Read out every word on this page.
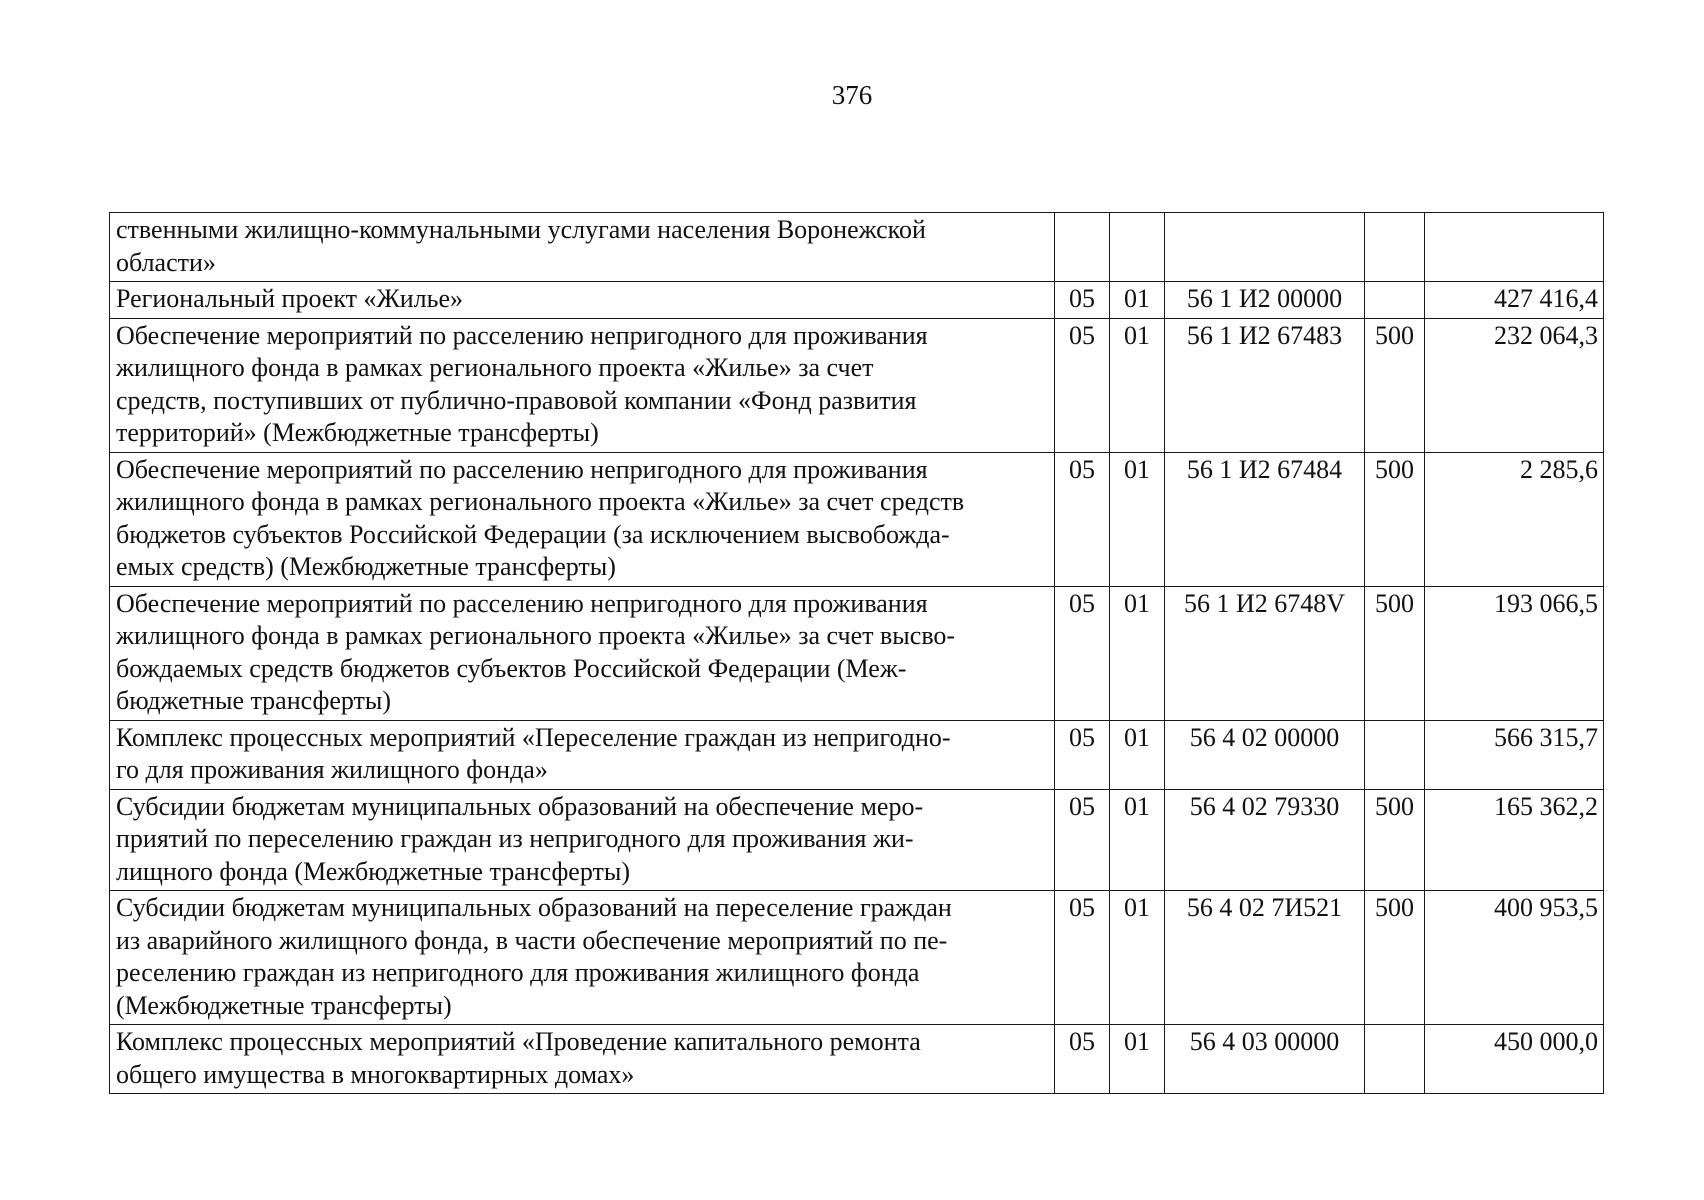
376
ственными жилищно-коммунальными услугами населения Воронежской
области»					

Региональный проект «Жилье»	05	01	56 1 И2 00000		427 416,4

Обеспечение мероприятий по расселению непригодного для проживания
жилищного фонда в рамках регионального проекта «Жилье» за счет
средств, поступивших от публично-правовой компании «Фонд развития
территорий» (Межбюджетные трансферты)	05	01	56 1 И2 67483	500	232 064,3

Обеспечение мероприятий по расселению непригодного для проживания
жилищного фонда в рамках регионального проекта «Жилье» за счет средств
бюджетов субъектов Российской Федерации (за исключением высвобожда-
емых средств) (Межбюджетные трансферты)	05	01	56 1 И2 67484	500	2 285,6

Обеспечение мероприятий по расселению непригодного для проживания
жилищного фонда в рамках регионального проекта «Жилье» за счет высво-
бождаемых средств бюджетов субъектов Российской Федерации (Меж-
бюджетные трансферты)	05	01	56 1 И2 6748V	500	193 066,5

Комплекс процессных мероприятий «Переселение граждан из непригодно-
го для проживания жилищного фонда»	05	01	56 4 02 00000		566 315,7

Субсидии бюджетам муниципальных образований на обеспечение меро-
приятий по переселению граждан из непригодного для проживания жи-
лищного фонда (Межбюджетные трансферты)	05	01	56 4 02 79330	500	165 362,2

Субсидии бюджетам муниципальных образований на переселение граждан
из аварийного жилищного фонда, в части обеспечение мероприятий по пе-
реселению граждан из непригодного для проживания жилищного фонда
(Межбюджетные трансферты)	05	01	56 4 02 7И521	500	400 953,5

Комплекс процессных мероприятий «Проведение капитального ремонта
общего имущества в многоквартирных домах»	05	01	56 4 03 00000		450 000,0
